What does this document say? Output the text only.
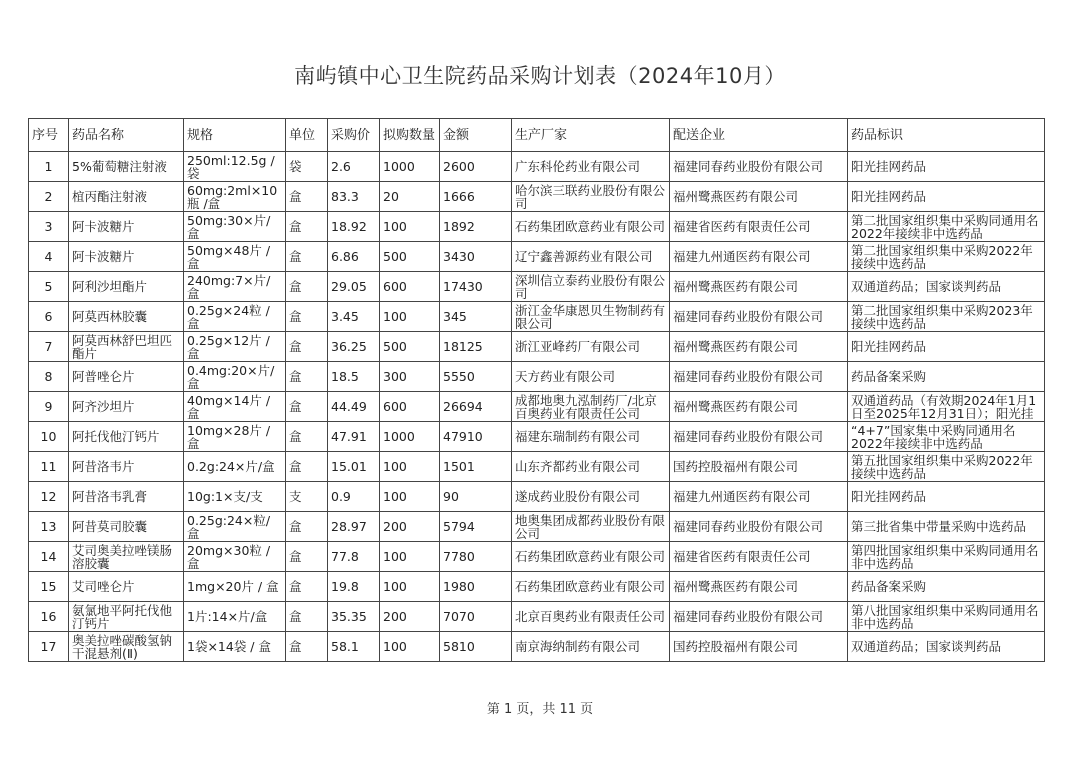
南屿镇中心卫生院药品采购计划表（2024年10月）
序号	药品名称	规格	单位	采购价	拟购数量	金额	生产厂家	配送企业	药品标识
1	5%葡萄糖注射液	250ml:12.5g / 袋	袋	2.6	1000	2600	广东科伦药业有限公司	福建同春药业股份有限公司	阳光挂网药品
2	椬丙酯注射液	60mg:2ml×10瓶 /盒	盒	83.3	20	1666	哈尔滨三联药业股份有限公司	福州鹭燕医药有限公司	阳光挂网药品
3	阿卡波糖片	50mg:30×片/盒	盒	18.92	100	1892	石药集团欧意药业有限公司	福建省医药有限责任公司	第二批国家组织集中采购同通用名2022年接续非中选药品
4	阿卡波糖片	50mg×48片 / 盒	盒	6.86	500	3430	辽宁鑫善源药业有限公司	福建九州通医药有限公司	第二批国家组织集中采购2022年接续中选药品
5	阿利沙坦酯片	240mg:7×片/盒	盒	29.05	600	17430	深圳信立泰药业股份有限公司	福州鹭燕医药有限公司	双通道药品；国家谈判药品
6	阿莫西林胶囊	0.25g×24粒 / 盒	盒	3.45	100	345	浙江金华康恩贝生物制药有限公司	福建同春药业股份有限公司	第二批国家组织集中采购2023年接续中选药品
7	阿莫西林舒巴坦匹酯片	0.25g×12片 / 盒	盒	36.25	500	18125	浙江亚峰药厂有限公司	福州鹭燕医药有限公司	阳光挂网药品
8	阿普唑仑片	0.4mg:20×片/盒	盒	18.5	300	5550	天方药业有限公司	福建同春药业股份有限公司	药品备案采购
9	阿齐沙坦片	40mg×14片 / 盒	盒	44.49	600	26694	成都地奥九泓制药厂/北京百奥药业有限责任公司	福州鹭燕医药有限公司	双通道药品（有效期2024年1月1日至2025年12月31日）；阳光挂
10	阿托伐他汀钙片	10mg×28片 / 盒	盒	47.91	1000	47910	福建东瑞制药有限公司	福建同春药业股份有限公司	“4+7”国家集中采购同通用名2022年接续非中选药品
11	阿昔洛韦片	0.2g:24×片/盒	盒	15.01	100	1501	山东齐都药业有限公司	国药控股福州有限公司	第五批国家组织集中采购2022年接续中选药品
12	阿昔洛韦乳膏	10g:1×支/支	支	0.9	100	90	遂成药业股份有限公司	福建九州通医药有限公司	阳光挂网药品
13	阿昔莫司胶囊	0.25g:24×粒/盒	盒	28.97	200	5794	地奥集团成都药业股份有限公司	福建同春药业股份有限公司	第三批省集中带量采购中选药品
14	艾司奥美拉唑镁肠溶胶囊	20mg×30粒 / 盒	盒	77.8	100	7780	石药集团欧意药业有限公司	福建省医药有限责任公司	第四批国家组织集中采购同通用名非中选药品
15	艾司唑仑片	1mg×20片 / 盒	盒	19.8	100	1980	石药集团欧意药业有限公司	福州鹭燕医药有限公司	药品备案采购
16	氨氯地平阿托伐他汀钙片	1片:14×片/盒	盒	35.35	200	7070	北京百奥药业有限责任公司	福建同春药业股份有限公司	第八批国家组织集中采购同通用名非中选药品
17	奥美拉唑碳酸氢钠干混悬剂(Ⅱ)	1袋×14袋 / 盒	盒	58.1	100	5810	南京海纳制药有限公司	国药控股福州有限公司	双通道药品；国家谈判药品
第 1 页，共 11 页
